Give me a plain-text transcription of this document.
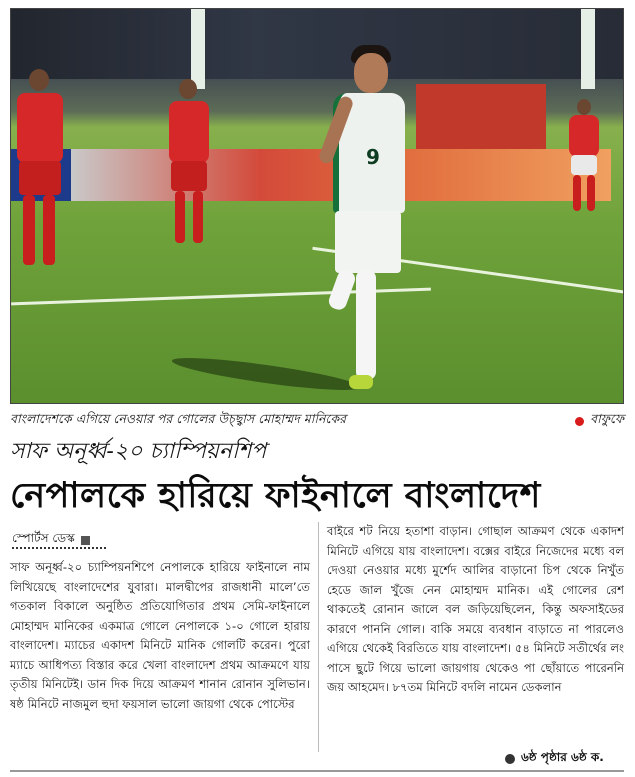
9
বাংলাদেশকে এগিয়ে নেওয়ার পর গোলের উচ্ছ্বাস মোহাম্মদ মানিকের	বাফুফে
সাফ অনূর্ধ্ব-২০ চ্যাম্পিয়নশিপ
নেপালকে হারিয়ে ফাইনালে বাংলাদেশ
স্পোর্টস ডেস্ক
সাফ অনূর্ধ্ব-২০ চ্যাম্পিয়নশিপে নেপালকে হারিয়ে ফাইনালে নাম লিখিয়েছে বাংলাদেশের যুবারা। মালদ্বীপের রাজধানী মালে’তে গতকাল বিকালে অনুষ্ঠিত প্রতিযোগিতার প্রথম সেমি-ফাইনালে মোহাম্মদ মানিকের একমাত্র গোলে নেপালকে ১-০ গোলে হারায় বাংলাদেশ। ম্যাচের একাদশ মিনিটে মানিক গোলটি করেন। পুরো ম্যাচে আধিপত্য বিস্তার করে খেলা বাংলাদেশ প্রথম আক্রমণে যায় তৃতীয় মিনিটেই। ডান দিক দিয়ে আক্রমণ শানান রোনান সুলিভান। ষষ্ঠ মিনিটে নাজমুল হুদা ফয়সাল ভালো জায়গা থেকে পোস্টের
বাইরে শট নিয়ে হতাশা বাড়ান। গোছাল আক্রমণ থেকে একাদশ মিনিটে এগিয়ে যায় বাংলাদেশ। বক্সের বাইরে নিজেদের মধ্যে বল দেওয়া নেওয়ার মধ্যে মুর্শেদ আলির বাড়ানো চিপ থেকে নিখুঁত হেডে জাল খুঁজে নেন মোহাম্মদ মানিক। এই গোলের রেশ থাকতেই রোনান জালে বল জড়িয়েছিলেন, কিন্তু অফসাইডের কারণে পাননি গোল। বাকি সময়ে ব্যবধান বাড়াতে না পারলেও এগিয়ে থেকেই বিরতিতে যায় বাংলাদেশ। ৫৪ মিনিটে সতীর্থের লং পাসে ছুটে গিয়ে ভালো জায়গায় থেকেও পা ছোঁয়াতে পারেননি জয় আহমেদ। ৮৭তম মিনিটে বদলি নামেন ডেকলান
৬ষ্ঠ পৃষ্ঠার ৬ষ্ঠ ক.
